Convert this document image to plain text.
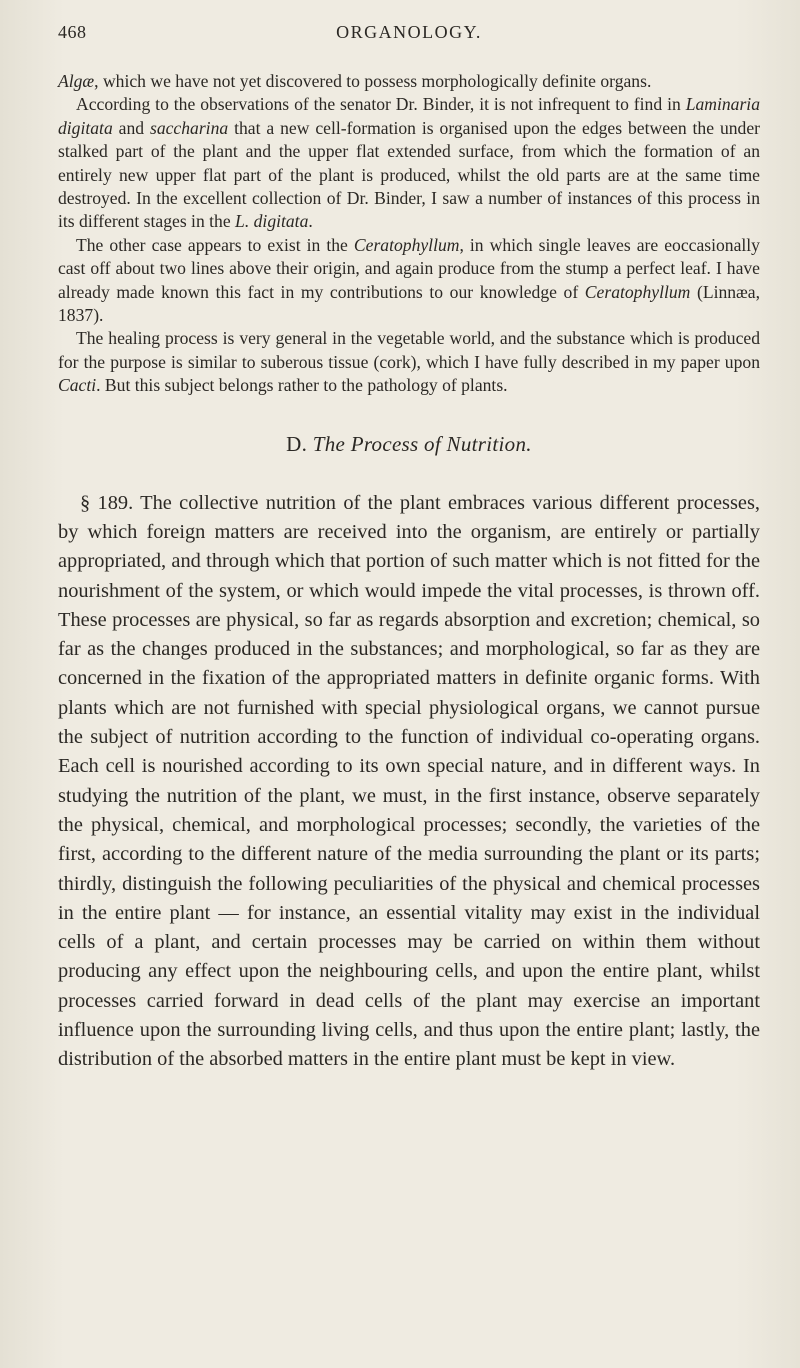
468	ORGANOLOGY.

Algæ, which we have not yet discovered to possess morphologically definite organs.

According to the observations of the senator Dr. Binder, it is not infrequent to find in Laminaria digitata and saccharina that a new cell-formation is organised upon the edges between the under stalked part of the plant and the upper flat extended surface, from which the formation of an entirely new upper flat part of the plant is produced, whilst the old parts are at the same time destroyed. In the excellent collection of Dr. Binder, I saw a number of instances of this process in its different stages in the L. digitata.

The other case appears to exist in the Ceratophyllum, in which single leaves are eoccasionally cast off about two lines above their origin, and again produce from the stump a perfect leaf. I have already made known this fact in my contributions to our knowledge of Ceratophyllum (Linnæa, 1837).

The healing process is very general in the vegetable world, and the substance which is produced for the purpose is similar to suberous tissue (cork), which I have fully described in my paper upon Cacti. But this subject belongs rather to the pathology of plants.

D. The Process of Nutrition.

§ 189. The collective nutrition of the plant embraces various different processes, by which foreign matters are received into the organism, are entirely or partially appropriated, and through which that portion of such matter which is not fitted for the nourishment of the system, or which would impede the vital processes, is thrown off. These processes are physical, so far as regards absorption and excretion; chemical, so far as the changes produced in the substances; and morphological, so far as they are concerned in the fixation of the appropriated matters in definite organic forms. With plants which are not furnished with special physiological organs, we cannot pursue the subject of nutrition according to the function of individual co-operating organs. Each cell is nourished according to its own special nature, and in different ways. In studying the nutrition of the plant, we must, in the first instance, observe separately the physical, chemical, and morphological processes; secondly, the varieties of the first, according to the different nature of the media surrounding the plant or its parts; thirdly, distinguish the following peculiarities of the physical and chemical processes in the entire plant — for instance, an essential vitality may exist in the individual cells of a plant, and certain processes may be carried on within them without producing any effect upon the neighbouring cells, and upon the entire plant, whilst processes carried forward in dead cells of the plant may exercise an important influence upon the surrounding living cells, and thus upon the entire plant; lastly, the distribution of the absorbed matters in the entire plant must be kept in view.
